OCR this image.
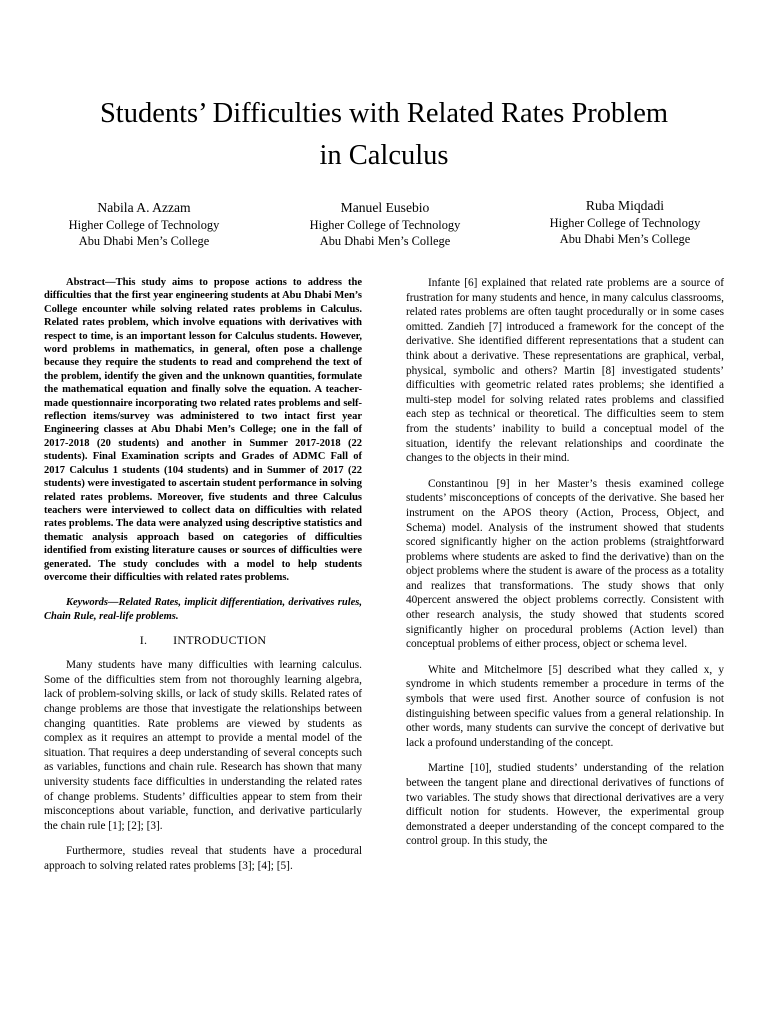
Students’ Difficulties with Related Rates Problem
in Calculus
Nabila A. Azzam
Higher College of Technology
Abu Dhabi Men’s College
Manuel Eusebio
Higher College of Technology
Abu Dhabi Men’s College
Ruba Miqdadi
Higher College of Technology
Abu Dhabi Men’s College

Abstract—This study aims to propose actions to address the difficulties that the first year engineering students at Abu Dhabi Men’s College encounter while solving related rates problems in Calculus. Related rates problem, which involve equations with derivatives with respect to time, is an important lesson for Calculus students. However, word problems in mathematics, in general, often pose a challenge because they require the students to read and comprehend the text of the problem, identify the given and the unknown quantities, formulate the mathematical equation and finally solve the equation. A teacher-made questionnaire incorporating two related rates problems and self-reflection items/survey was administered to two intact first year Engineering classes at Abu Dhabi Men’s College; one in the fall of 2017-2018 (20 students) and another in Summer 2017-2018 (22 students). Final Examination scripts and Grades of ADMC Fall of 2017 Calculus 1 students (104 students) and in Summer of 2017 (22 students) were investigated to ascertain student performance in solving related rates problems. Moreover, five students and three Calculus teachers were interviewed to collect data on difficulties with related rates problems. The data were analyzed using descriptive statistics and thematic analysis approach based on categories of difficulties identified from existing literature causes or sources of difficulties were generated. The study concludes with a model to help students overcome their difficulties with related rates problems.

Keywords—Related Rates, implicit differentiation, derivatives rules, Chain Rule, real-life problems.

I. INTRODUCTION

Many students have many difficulties with learning calculus. Some of the difficulties stem from not thoroughly learning algebra, lack of problem-solving skills, or lack of study skills. Related rates of change problems are those that investigate the relationships between changing quantities. Rate problems are viewed by students as complex as it requires an attempt to provide a mental model of the situation. That requires a deep understanding of several concepts such as variables, functions and chain rule. Research has shown that many university students face difficulties in understanding the related rates of change problems. Students’ difficulties appear to stem from their misconceptions about variable, function, and derivative particularly the chain rule [1]; [2]; [3].

Furthermore, studies reveal that students have a procedural approach to solving related rates problems [3]; [4]; [5].

Infante [6] explained that related rate problems are a source of frustration for many students and hence, in many calculus classrooms, related rates problems are often taught procedurally or in some cases omitted. Zandieh [7] introduced a framework for the concept of the derivative. She identified different representations that a student can think about a derivative. These representations are graphical, verbal, physical, symbolic and others? Martin [8] investigated students’ difficulties with geometric related rates problems; she identified a multi-step model for solving related rates problems and classified each step as technical or theoretical. The difficulties seem to stem from the students’ inability to build a conceptual model of the situation, identify the relevant relationships and coordinate the changes to the objects in their mind.

Constantinou [9] in her Master’s thesis examined college students’ misconceptions of concepts of the derivative. She based her instrument on the APOS theory (Action, Process, Object, and Schema) model. Analysis of the instrument showed that students scored significantly higher on the action problems (straightforward problems where students are asked to find the derivative) than on the object problems where the student is aware of the process as a totality and realizes that transformations. The study shows that only 40percent answered the object problems correctly. Consistent with other research analysis, the study showed that students scored significantly higher on procedural problems (Action level) than conceptual problems of either process, object or schema level.

White and Mitchelmore [5] described what they called x, y syndrome in which students remember a procedure in terms of the symbols that were used first. Another source of confusion is not distinguishing between specific values from a general relationship. In other words, many students can survive the concept of derivative but lack a profound understanding of the concept.

Martine [10], studied students’ understanding of the relation between the tangent plane and directional derivatives of functions of two variables. The study shows that directional derivatives are a very difficult notion for students. However, the experimental group demonstrated a deeper understanding of the concept compared to the control group. In this study, the
